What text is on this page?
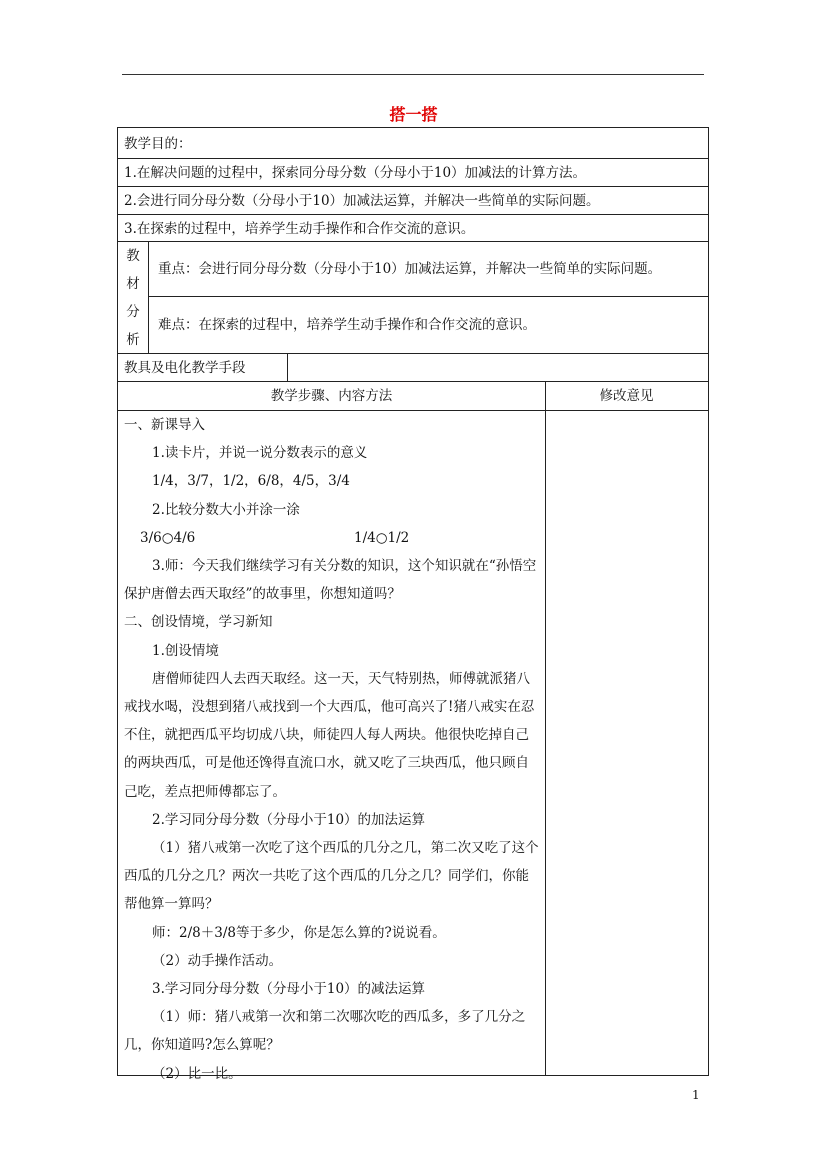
搭一搭
教学目的：
1.在解决问题的过程中，探索同分母分数（分母小于10）加减法的计算方法。
2.会进行同分母分数（分母小于10）加减法运算，并解决一些简单的实际问题。
3.在探索的过程中，培养学生动手操作和合作交流的意识。
教
材
分
析
重点：会进行同分母分数（分母小于10）加减法运算，并解决一些简单的实际问题。
难点：在探索的过程中，培养学生动手操作和合作交流的意识。
教具及电化教学手段
教学步骤、内容方法	修改意见

一、新课导入

1.读卡片，并说一说分数表示的意义

1/4，3/7，1/2，6/8，4/5，3/4

2.比较分数大小并涂一涂

3/6○4/6	1/4○1/2

3.师：今天我们继续学习有关分数的知识，这个知识就在“孙悟空保护唐僧去西天取经”的故事里，你想知道吗？

二、创设情境，学习新知

1.创设情境

唐僧师徒四人去西天取经。这一天，天气特别热，师傅就派猪八戒找水喝，没想到猪八戒找到一个大西瓜，他可高兴了!猪八戒实在忍不住，就把西瓜平均切成八块，师徒四人每人两块。他很快吃掉自己的两块西瓜，可是他还馋得直流口水，就又吃了三块西瓜，他只顾自己吃，差点把师傅都忘了。

2.学习同分母分数（分母小于10）的加法运算

（1）猪八戒第一次吃了这个西瓜的几分之几，第二次又吃了这个西瓜的几分之几？两次一共吃了这个西瓜的几分之几？同学们，你能帮他算一算吗？

师：2/8＋3/8等于多少，你是怎么算的?说说看。

（2）动手操作活动。

3.学习同分母分数（分母小于10）的减法运算

（1）师：猪八戒第一次和第二次哪次吃的西瓜多，多了几分之几，你知道吗?怎么算呢？

（2）比一比。

1
